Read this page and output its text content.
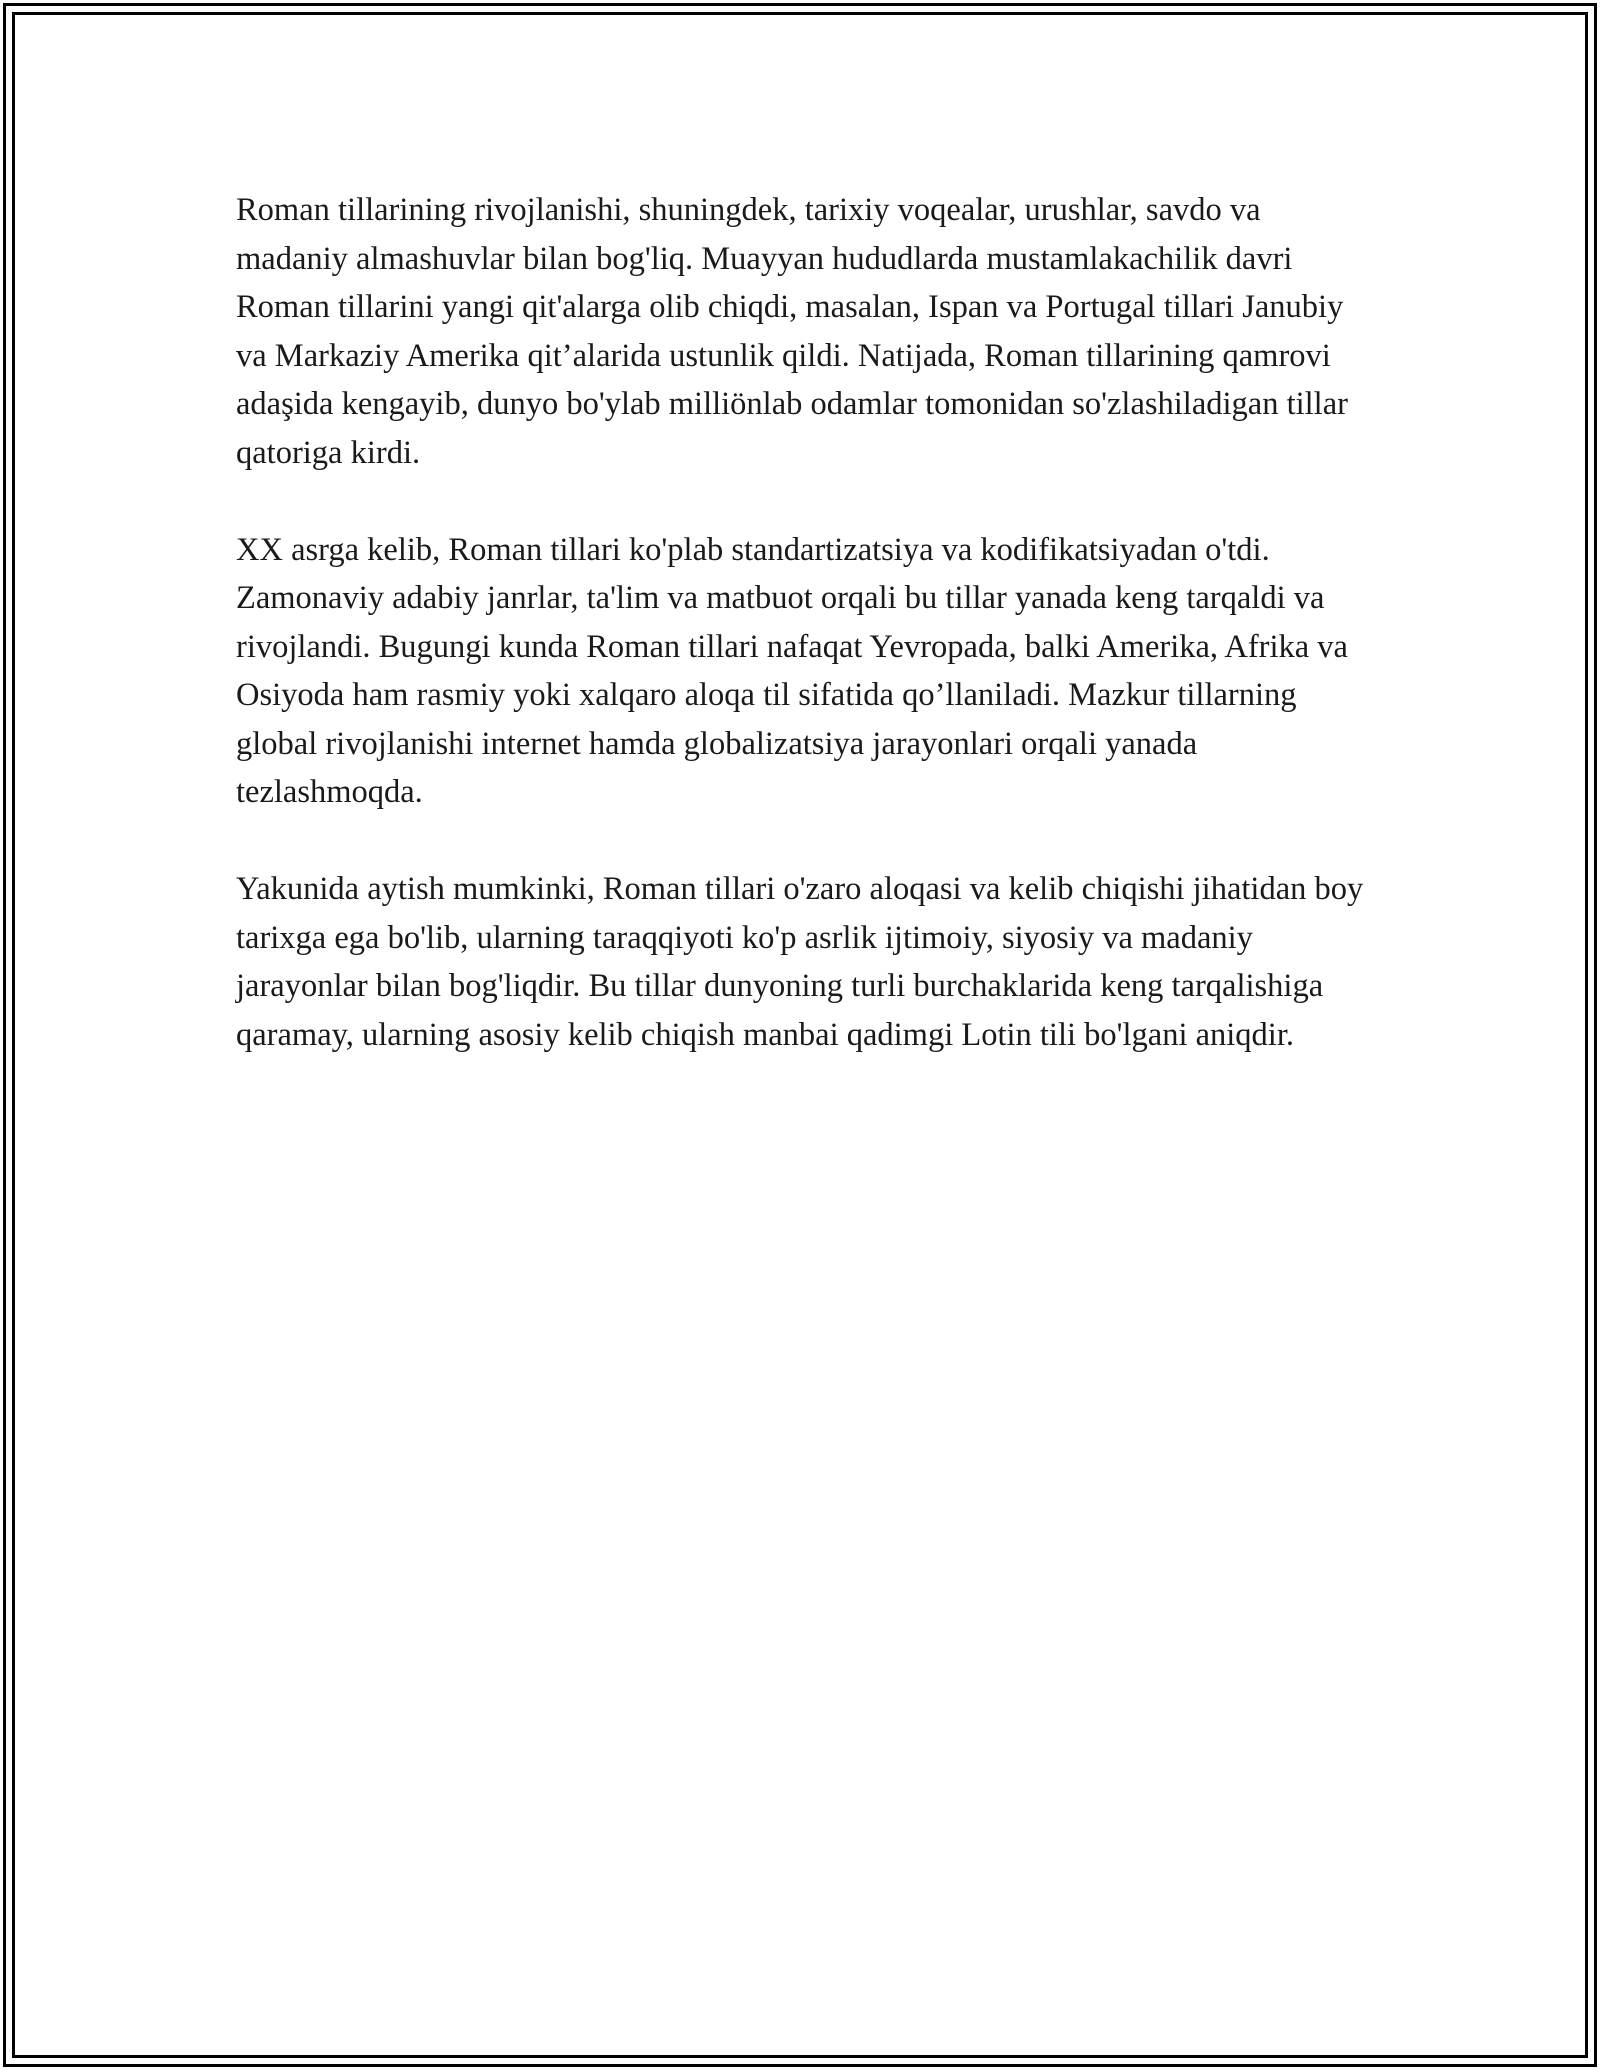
Roman tillarining rivojlanishi, shuningdek, tarixiy voqealar, urushlar, savdo va madaniy almashuvlar bilan bog'liq. Muayyan hududlarda mustamlakachilik davri Roman tillarini yangi qit'alarga olib chiqdi, masalan, Ispan va Portugal tillari Janubiy va Markaziy Amerika qit’alarida ustunlik qildi. Natijada, Roman tillarining qamrovi adaşida kengayib, dunyo bo'ylab milliönlab odamlar tomonidan so'zlashiladigan tillar qatoriga kirdi.

XX asrga kelib, Roman tillari ko'plab standartizatsiya va kodifikatsiyadan o'tdi. Zamonaviy adabiy janrlar, ta'lim va matbuot orqali bu tillar yanada keng tarqaldi va rivojlandi. Bugungi kunda Roman tillari nafaqat Yevropada, balki Amerika, Afrika va Osiyoda ham rasmiy yoki xalqaro aloqa til sifatida qo’llaniladi. Mazkur tillarning global rivojlanishi internet hamda globalizatsiya jarayonlari orqali yanada tezlashmoqda.

Yakunida aytish mumkinki, Roman tillari o'zaro aloqasi va kelib chiqishi jihatidan boy tarixga ega bo'lib, ularning taraqqiyoti ko'p asrlik ijtimoiy, siyosiy va madaniy jarayonlar bilan bog'liqdir. Bu tillar dunyoning turli burchaklarida keng tarqalishiga qaramay, ularning asosiy kelib chiqish manbai qadimgi Lotin tili bo'lgani aniqdir.
